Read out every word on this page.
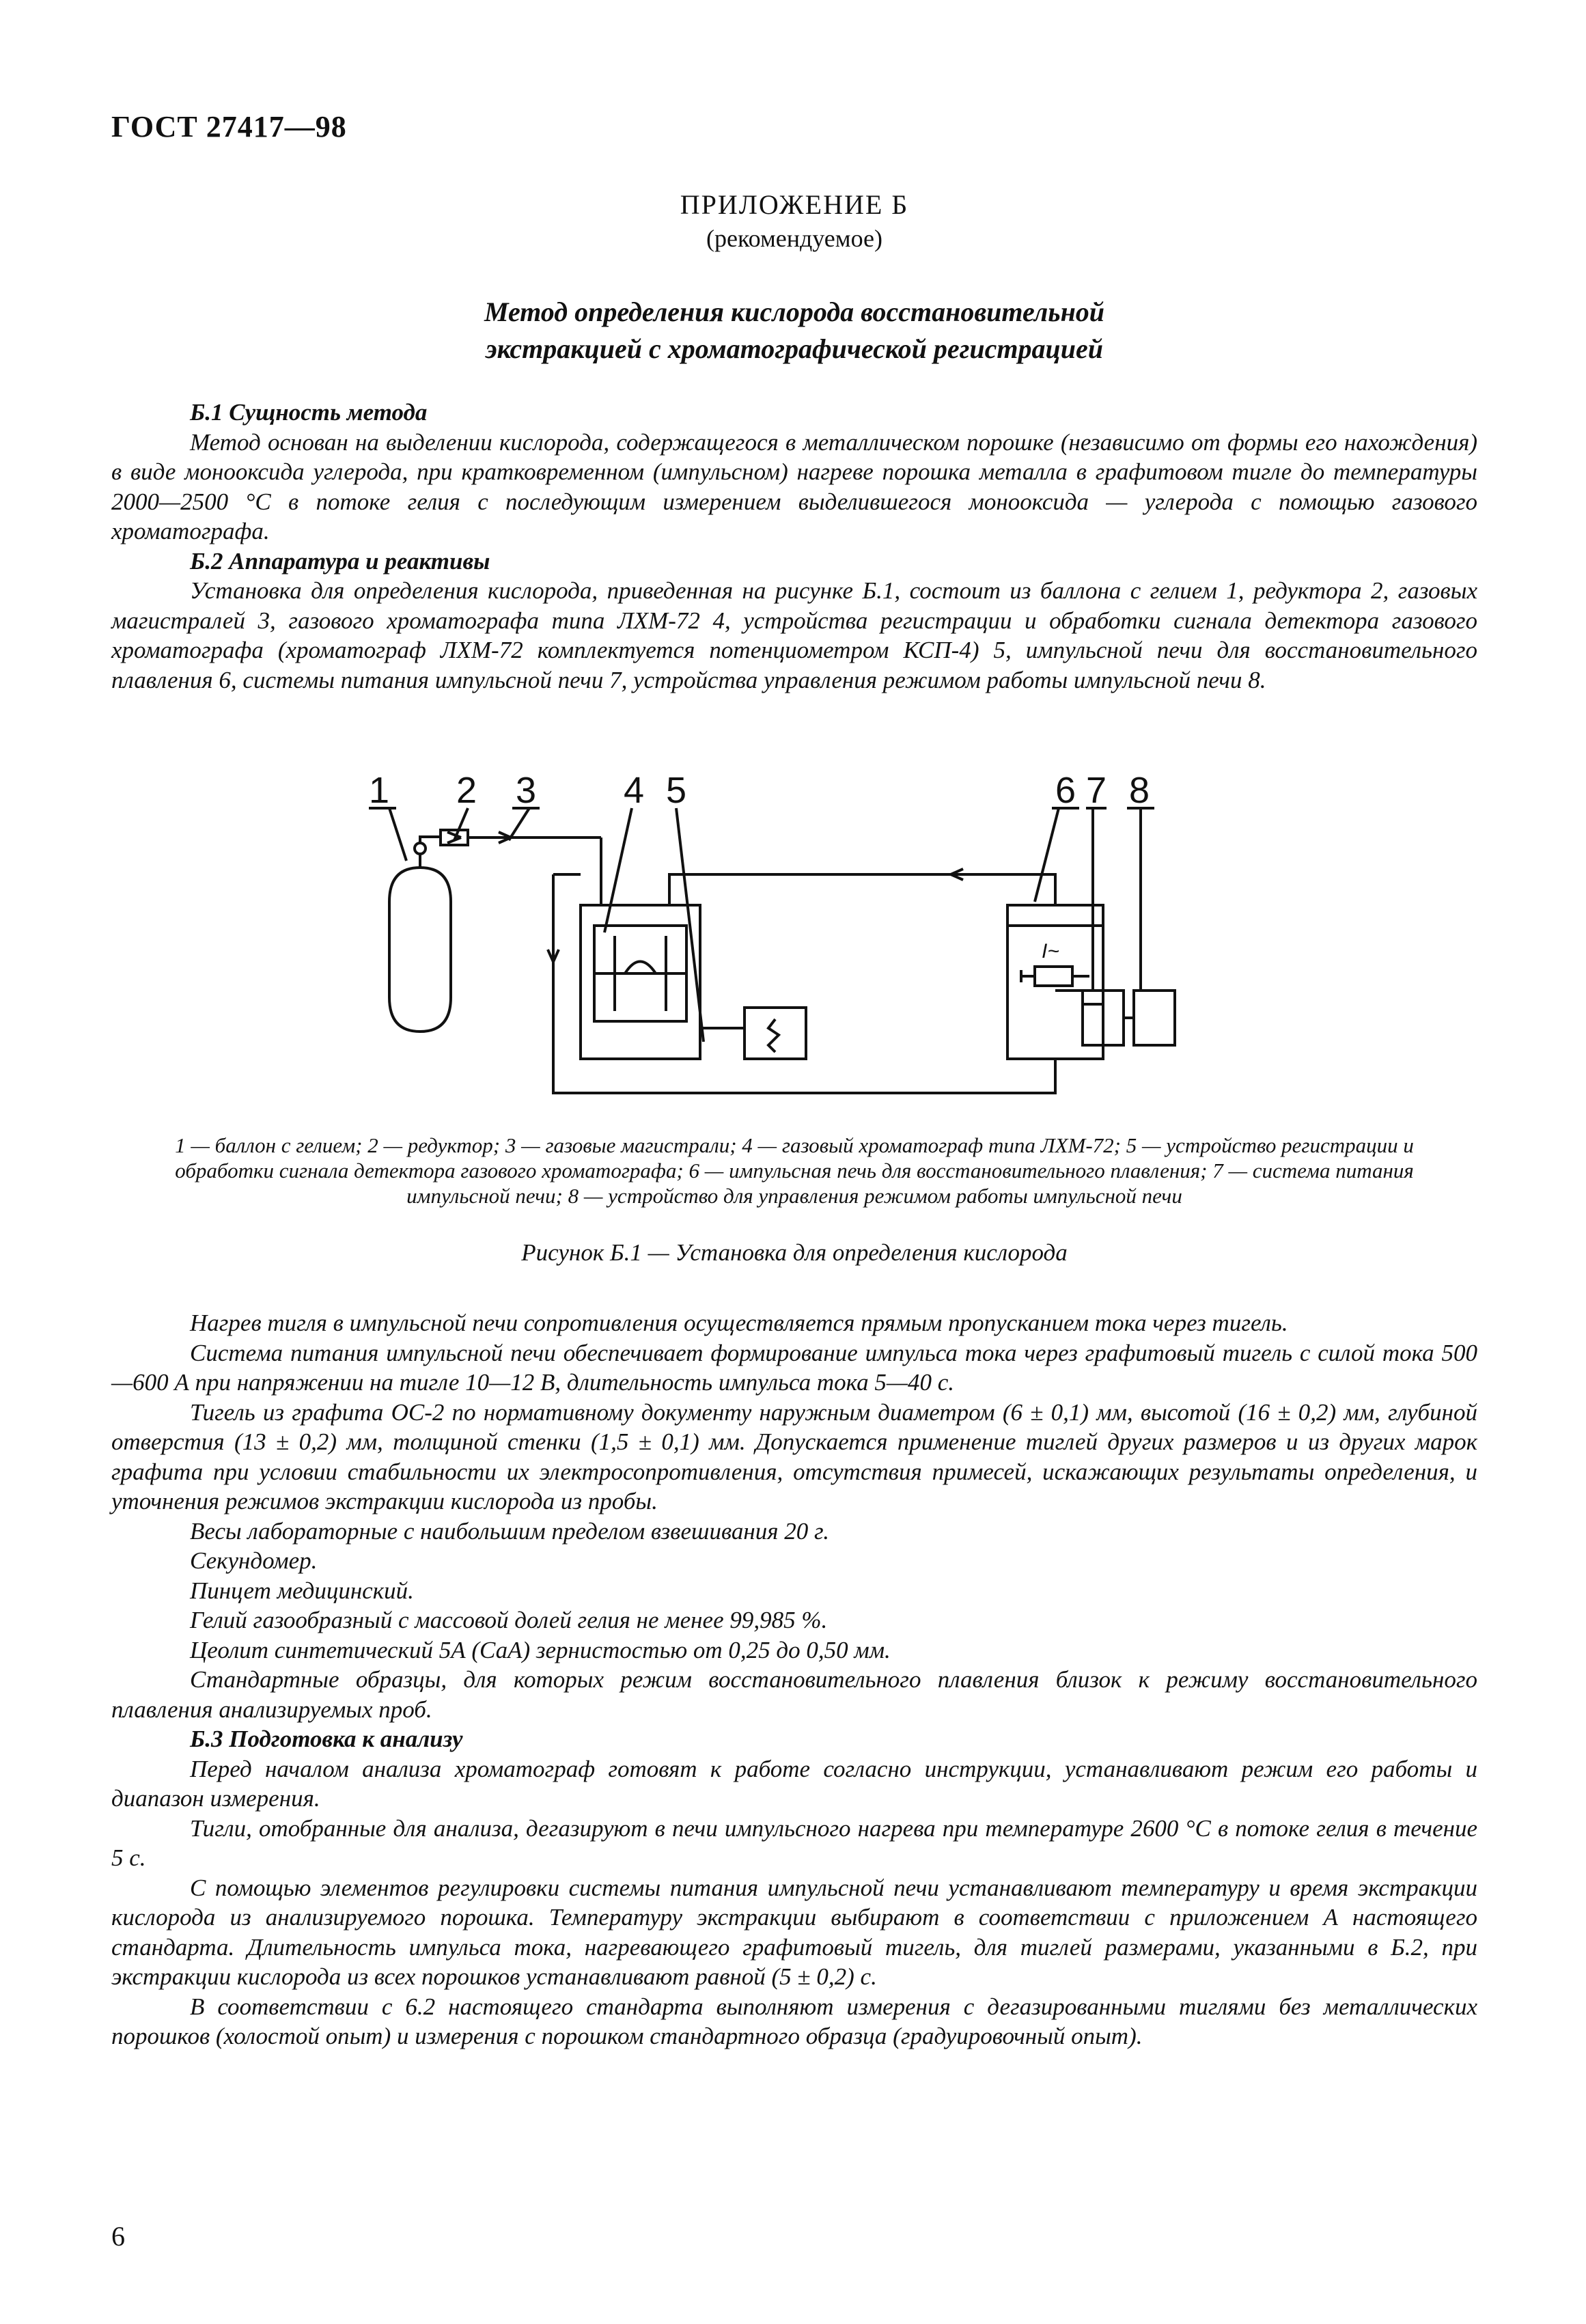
ГОСТ 27417—98
ПРИЛОЖЕНИЕ Б
(рекомендуемое)
Метод определения кислорода восстановительной
экстракцией с хроматографической регистрацией

Б.1 Сущность метода

Метод основан на выделении кислорода, содержащегося в металлическом порошке (независимо от формы его нахождения) в виде монооксида углерода, при кратковременном (импульсном) нагреве порошка металла в графитовом тигле до температуры 2000—2500 °С в потоке гелия с последующим измерением выделившегося монооксида — углерода с помощью газового хроматографа.

Б.2 Аппаратура и реактивы

Установка для определения кислорода, приведенная на рисунке Б.1, состоит из баллона с гелием 1, редуктора 2, газовых магистралей 3, газового хроматографа типа ЛХМ-72 4, устройства регистрации и обработки сигнала детектора газового хроматографа (хроматограф ЛХМ-72 комплектуется потенциометром КСП-4) 5, импульсной печи для восстановительного плавления 6, системы питания импульсной печи 7, устройства управления режимом работы импульсной печи 8.

1 2 3 4 5	6 7 8
I~
1 — баллон с гелием; 2 — редуктор; 3 — газовые магистрали; 4 — газовый хроматограф типа ЛХМ-72; 5 — устройство регистрации и обработки сигнала детектора газового хроматографа; 6 — импульсная печь для восстановительного плавления; 7 — система питания импульсной печи; 8 — устройство для управления режимом работы импульсной печи
Рисунок Б.1 — Установка для определения кислорода

Нагрев тигля в импульсной печи сопротивления осуществляется прямым пропусканием тока через тигель.

Система питания импульсной печи обеспечивает формирование импульса тока через графитовый тигель с силой тока 500—600 А при напряжении на тигле 10—12 В, длительность импульса тока 5—40 с.

Тигель из графита ОС-2 по нормативному документу наружным диаметром (6 ± 0,1) мм, высотой (16 ± 0,2) мм, глубиной отверстия (13 ± 0,2) мм, толщиной стенки (1,5 ± 0,1) мм. Допускается применение тиглей других размеров и из других марок графита при условии стабильности их электросопротивления, отсутствия примесей, искажающих результаты определения, и уточнения режимов экстракции кислорода из пробы.

Весы лабораторные с наибольшим пределом взвешивания 20 г.

Секундомер.

Пинцет медицинский.

Гелий газообразный с массовой долей гелия не менее 99,985 %.

Цеолит синтетический 5А (СаА) зернистостью от 0,25 до 0,50 мм.

Стандартные образцы, для которых режим восстановительного плавления близок к режиму восстановительного плавления анализируемых проб.

Б.3 Подготовка к анализу

Перед началом анализа хроматограф готовят к работе согласно инструкции, устанавливают режим его работы и диапазон измерения.

Тигли, отобранные для анализа, дегазируют в печи импульсного нагрева при температуре 2600 °С в потоке гелия в течение 5 с.

С помощью элементов регулировки системы питания импульсной печи устанавливают температуру и время экстракции кислорода из анализируемого порошка. Температуру экстракции выбирают в соответствии с приложением А настоящего стандарта. Длительность импульса тока, нагревающего графитовый тигель, для тиглей размерами, указанными в Б.2, при экстракции кислорода из всех порошков устанавливают равной (5 ± 0,2) с.

В соответствии с 6.2 настоящего стандарта выполняют измерения с дегазированными тиглями без металлических порошков (холостой опыт) и измерения с порошком стандартного образца (градуировочный опыт).

6
